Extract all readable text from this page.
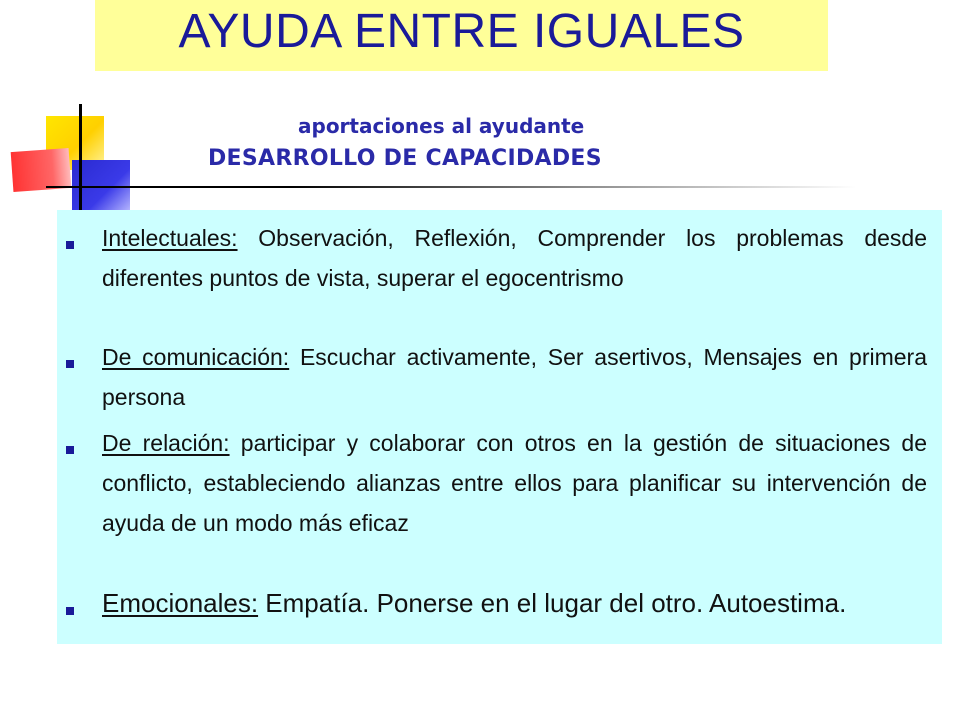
AYUDA ENTRE IGUALES
aportaciones al ayudante
DESARROLLO DE CAPACIDADES
Intelectuales: Observación, Reflexión, Comprender los problemas desde diferentes puntos de vista, superar el egocentrismo
De comunicación: Escuchar activamente, Ser asertivos, Mensajes en primera persona
De relación: participar y colaborar con otros en la gestión de situaciones de conflicto, estableciendo alianzas entre ellos para planificar su intervención de ayuda de un modo más eficaz
Emocionales: Empatía. Ponerse en el lugar del otro. Autoestima.
